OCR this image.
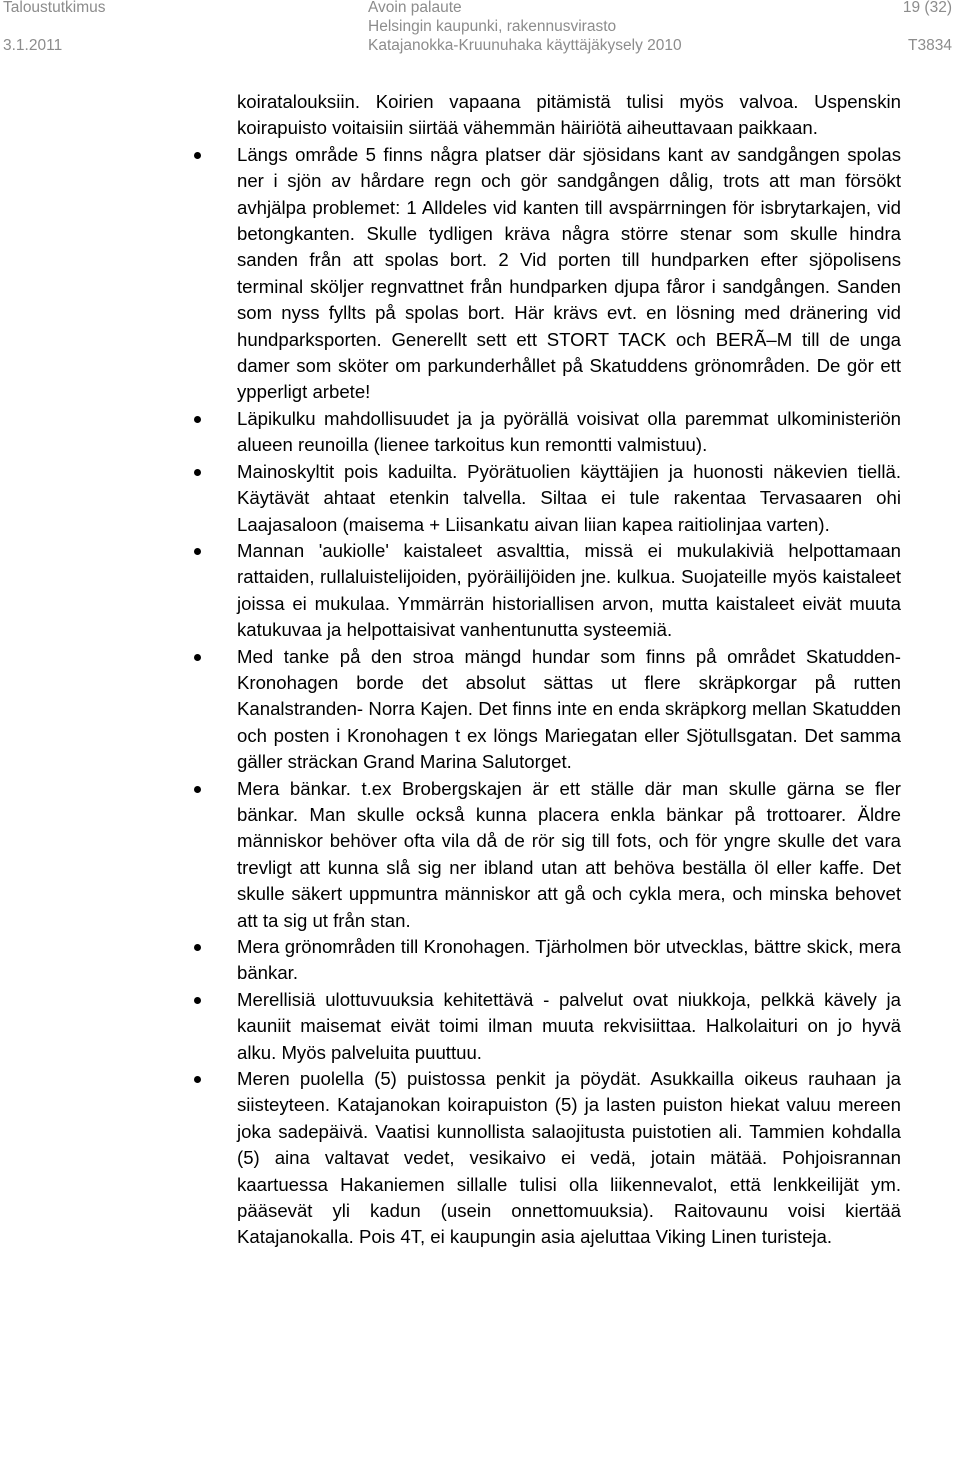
Taloustutkimus
3.1.2011
Avoin palaute
Helsingin kaupunki, rakennusvirasto
Katajanokka-Kruunuhaka käyttäjäkysely 2010
19 (32)
T3834
koiratalouksiin. Koirien vapaana pitämistä tulisi myös valvoa. Uspenskin koirapuisto voitaisiin siirtää vähemmän häiriötä aiheuttavaan paikkaan.
Längs område 5 finns några platser där sjösidans kant av sandgången spolas ner i sjön av hårdare regn och gör sandgången dålig, trots att man försökt avhjälpa problemet: 1 Alldeles vid kanten till avspärrningen för isbrytarkajen, vid betongkanten. Skulle tydligen kräva några större stenar som skulle hindra sanden från att spolas bort. 2 Vid porten till hundparken efter sjöpolisens terminal sköljer regnvattnet från hundparken djupa fåror i sandgången. Sanden som nyss fyllts på spolas bort. Här krävs evt. en lösning med dränering vid hundparksporten. Generellt sett ett STORT TACK och BERÃ–M till de unga damer som sköter om parkunderhållet på Skatuddens grönområden. De gör ett ypperligt arbete!
Läpikulku mahdollisuudet ja ja pyörällä voisivat olla paremmat ulkoministeriön alueen reunoilla (lienee tarkoitus kun remontti valmistuu).
Mainoskyltit pois kaduilta. Pyörätuolien käyttäjien ja huonosti näkevien tiellä. Käytävät ahtaat etenkin talvella. Siltaa ei tule rakentaa Tervasaaren ohi Laajasaloon (maisema + Liisankatu aivan liian kapea raitiolinjaa varten).
Mannan 'aukiolle' kaistaleet asvalttia, missä ei mukulakiviä helpottamaan rattaiden, rullaluistelijoiden, pyöräilijöiden jne. kulkua. Suojateille myös kaistaleet joissa ei mukulaa. Ymmärrän historiallisen arvon, mutta kaistaleet eivät muuta katukuvaa ja helpottaisivat vanhentunutta systeemiä.
Med tanke på den stroa mängd hundar som finns på området Skatudden- Kronohagen borde det absolut sättas ut flere skräpkorgar på rutten Kanalstranden- Norra Kajen. Det finns inte en enda skräpkorg mellan Skatudden och posten i Kronohagen t ex löngs Mariegatan eller Sjötullsgatan. Det samma gäller sträckan Grand Marina Salutorget.
Mera bänkar. t.ex Brobergskajen är ett ställe där man skulle gärna se fler bänkar. Man skulle också kunna placera enkla bänkar på trottoarer. Äldre människor behöver ofta vila då de rör sig till fots, och för yngre skulle det vara trevligt att kunna slå sig ner ibland utan att behöva beställa öl eller kaffe. Det skulle säkert uppmuntra människor att gå och cykla mera, och minska behovet att ta sig ut från stan.
Mera grönområden till Kronohagen. Tjärholmen bör utvecklas, bättre skick, mera bänkar.
Merellisiä ulottuvuuksia kehitettävä - palvelut ovat niukkoja, pelkkä kävely ja kauniit maisemat eivät toimi ilman muuta rekvisiittaa. Halkolaituri on jo hyvä alku. Myös palveluita puuttuu.
Meren puolella (5) puistossa penkit ja pöydät. Asukkailla oikeus rauhaan ja siisteyteen. Katajanokan koirapuiston (5) ja lasten puiston hiekat valuu mereen joka sadepäivä. Vaatisi kunnollista salaojitusta puistotien ali. Tammien kohdalla (5) aina valtavat vedet, vesikaivo ei vedä, jotain mätää. Pohjoisrannan kaartuessa Hakaniemen sillalle tulisi olla liikennevalot, että lenkkeilijät ym. pääsevät yli kadun (usein onnettomuuksia). Raitovaunu voisi kiertää Katajanokalla. Pois 4T, ei kaupungin asia ajeluttaa Viking Linen turisteja.
